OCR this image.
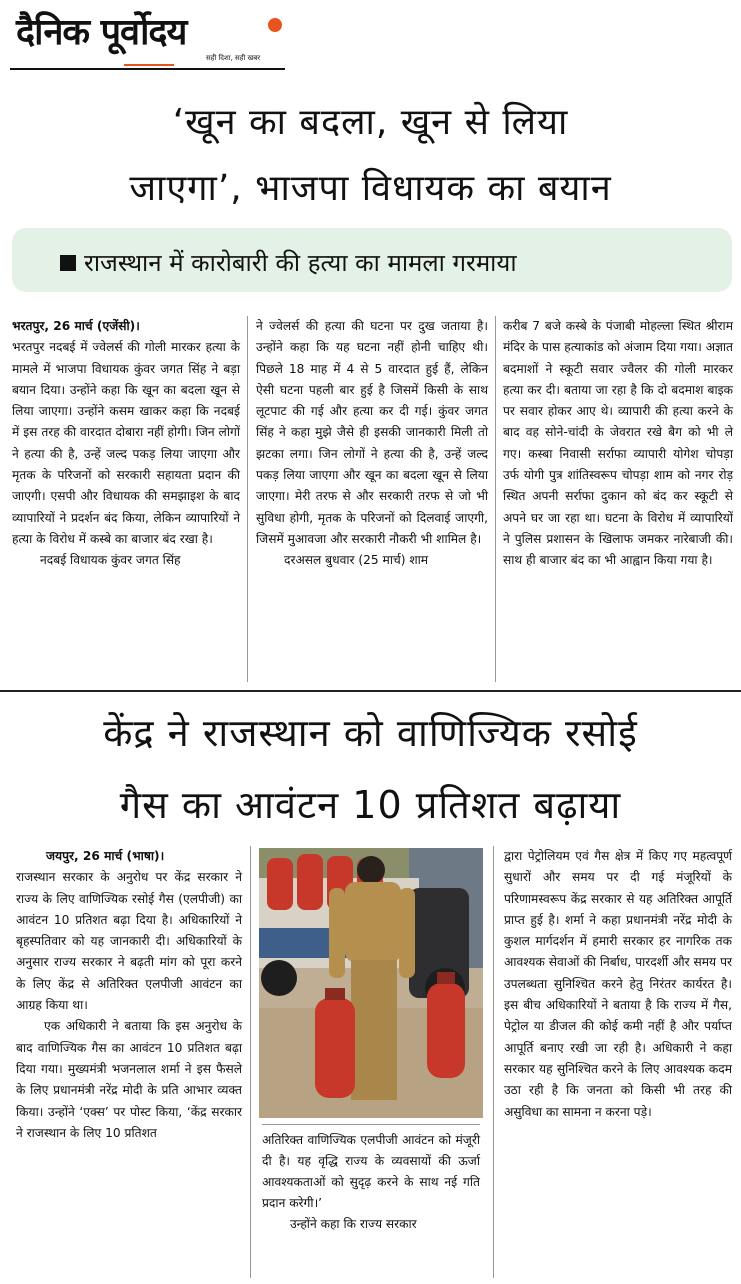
दैनिक पूर्वोदय
सही दिशा, सही खबर
‘खून का बदला, खून से लिया
जाएगा’, भाजपा विधायक का बयान
राजस्थान में कारोबारी की हत्या का मामला गरमाया

भरतपुर, 26 मार्च (एजेंसी)।

भरतपुर नदबई में ज्वेलर्स की गोली मारकर हत्या के मामले में भाजपा विधायक कुंवर जगत सिंह ने बड़ा बयान दिया। उन्होंने कहा कि खून का बदला खून से लिया जाएगा। उन्होंने कसम खाकर कहा कि नदबई में इस तरह की वारदात दोबारा नहीं होगी। जिन लोगों ने हत्या की है, उन्हें जल्द पकड़ लिया जाएगा और मृतक के परिजनों को सरकारी सहायता प्रदान की जाएगी। एसपी और विधायक की समझाइश के बाद व्यापारियों ने प्रदर्शन बंद किया, लेकिन व्यापारियों ने हत्या के विरोध में कस्बे का बाजार बंद रखा है।

नदबई विधायक कुंवर जगत सिंह

ने ज्वेलर्स की हत्या की घटना पर दुख जताया है। उन्होंने कहा कि यह घटना नहीं होनी चाहिए थी। पिछले 18 माह में 4 से 5 वारदात हुई हैं, लेकिन ऐसी घटना पहली बार हुई है जिसमें किसी के साथ लूटपाट की गई और हत्या कर दी गई। कुंवर जगत सिंह ने कहा मुझे जैसे ही इसकी जानकारी मिली तो झटका लगा। जिन लोगों ने हत्या की है, उन्हें जल्द पकड़ लिया जाएगा और खून का बदला खून से लिया जाएगा। मेरी तरफ से और सरकारी तरफ से जो भी सुविधा होगी, मृतक के परिजनों को दिलवाई जाएगी, जिसमें मुआवजा और सरकारी नौकरी भी शामिल है।

दरअसल बुधवार (25 मार्च) शाम

करीब 7 बजे कस्बे के पंजाबी मोहल्ला स्थित श्रीराम मंदिर के पास हत्याकांड को अंजाम दिया गया। अज्ञात बदमाशों ने स्कूटी सवार ज्वैलर की गोली मारकर हत्या कर दी। बताया जा रहा है कि दो बदमाश बाइक पर सवार होकर आए थे। व्यापारी की हत्या करने के बाद वह सोने-चांदी के जेवरात रखे बैग को भी ले गए। कस्बा निवासी सर्राफा व्यापारी योगेश चोपड़ा उर्फ योगी पुत्र शांतिस्वरूप चोपड़ा शाम को नगर रोड़ स्थित अपनी सर्राफा दुकान को बंद कर स्कूटी से अपने घर जा रहा था। घटना के विरोध में व्यापारियों ने पुलिस प्रशासन के खिलाफ जमकर नारेबाजी की। साथ ही बाजार बंद का भी आह्वान किया गया है।

केंद्र ने राजस्थान को वाणिज्यिक रसोई
गैस का आवंटन 10 प्रतिशत बढ़ाया

जयपुर, 26 मार्च (भाषा)।

राजस्थान सरकार के अनुरोध पर केंद्र सरकार ने राज्य के लिए वाणिज्यिक रसोई गैस (एलपीजी) का आवंटन 10 प्रतिशत बढ़ा दिया है। अधिकारियों ने बृहस्पतिवार को यह जानकारी दी। अधिकारियों के अनुसार राज्य सरकार ने बढ़ती मांग को पूरा करने के लिए केंद्र से अतिरिक्त एलपीजी आवंटन का आग्रह किया था।

एक अधिकारी ने बताया कि इस अनुरोध के बाद वाणिज्यिक गैस का आवंटन 10 प्रतिशत बढ़ा दिया गया। मुख्यमंत्री भजनलाल शर्मा ने इस फैसले के लिए प्रधानमंत्री नरेंद्र मोदी के प्रति आभार व्यक्त किया। उन्होंने ‘एक्स’ पर पोस्ट किया, ‘केंद्र सरकार ने राजस्थान के लिए 10 प्रतिशत

अतिरिक्त वाणिज्यिक एलपीजी आवंटन को मंजूरी दी है। यह वृद्धि राज्य के व्यवसायों की ऊर्जा आवश्यकताओं को सुदृढ़ करने के साथ नई गति प्रदान करेगी।’

उन्होंने कहा कि राज्य सरकार

द्वारा पेट्रोलियम एवं गैस क्षेत्र में किए गए महत्वपूर्ण सुधारों और समय पर दी गई मंजूरियों के परिणामस्वरूप केंद्र सरकार से यह अतिरिक्त आपूर्ति प्राप्त हुई है। शर्मा ने कहा प्रधानमंत्री नरेंद्र मोदी के कुशल मार्गदर्शन में हमारी सरकार हर नागरिक तक आवश्यक सेवाओं की निर्बाध, पारदर्शी और समय पर उपलब्धता सुनिश्चित करने हेतु निरंतर कार्यरत है। इस बीच अधिकारियों ने बताया है कि राज्य में गैस, पेट्रोल या डीजल की कोई कमी नहीं है और पर्याप्त आपूर्ति बनाए रखी जा रही है। अधिकारी ने कहा सरकार यह सुनिश्चित करने के लिए आवश्यक कदम उठा रही है कि जनता को किसी भी तरह की असुविधा का सामना न करना पड़े।
